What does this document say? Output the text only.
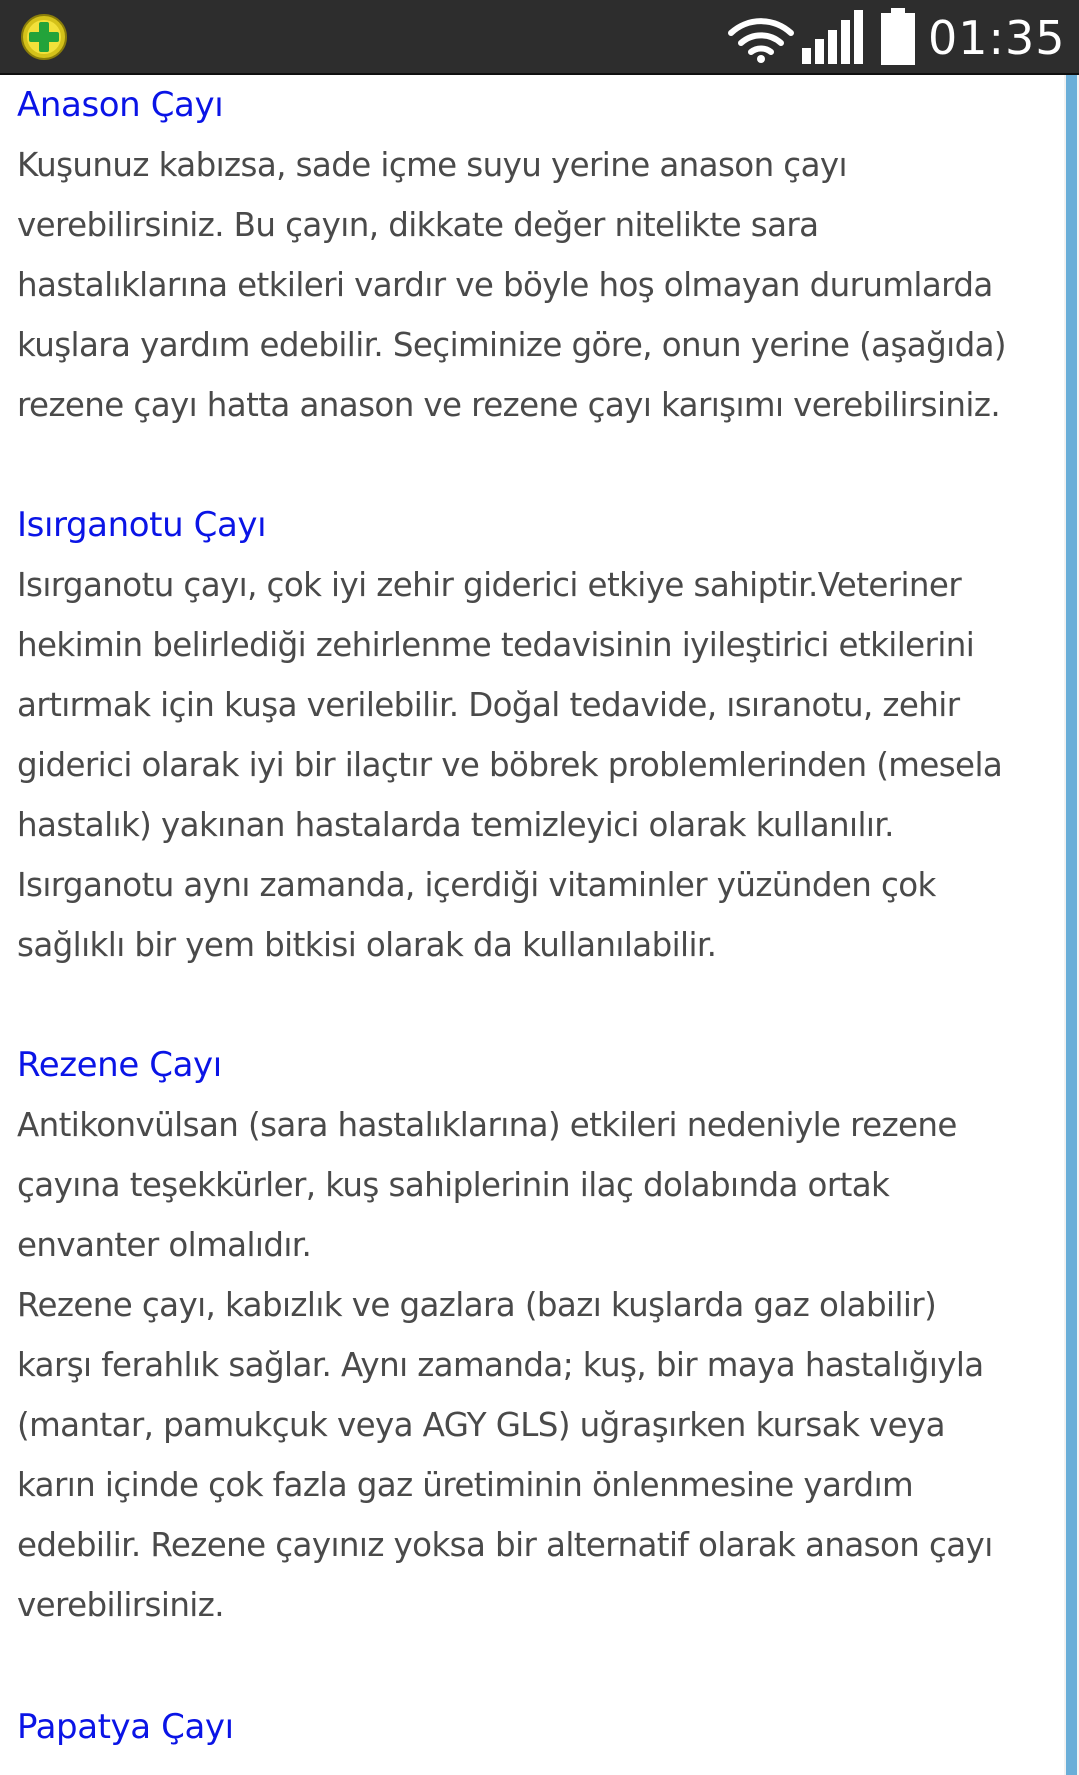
01:35
Anason Çayı

Kuşunuz kabızsa, sade içme suyu yerine anason çayı
verebilirsiniz. Bu çayın, dikkate değer nitelikte sara
hastalıklarına etkileri vardır ve böyle hoş olmayan durumlarda
kuşlara yardım edebilir. Seçiminize göre, onun yerine (aşağıda)
rezene çayı hatta anason ve rezene çayı karışımı verebilirsiniz.

Isırganotu Çayı

Isırganotu çayı, çok iyi zehir giderici etkiye sahiptir.Veteriner
hekimin belirlediği zehirlenme tedavisinin iyileştirici etkilerini
artırmak için kuşa verilebilir. Doğal tedavide, ısıranotu, zehir
giderici olarak iyi bir ilaçtır ve böbrek problemlerinden (mesela
hastalık) yakınan hastalarda temizleyici olarak kullanılır.
Isırganotu aynı zamanda, içerdiği vitaminler yüzünden çok
sağlıklı bir yem bitkisi olarak da kullanılabilir.

Rezene Çayı

Antikonvülsan (sara hastalıklarına) etkileri nedeniyle rezene
çayına teşekkürler, kuş sahiplerinin ilaç dolabında ortak
envanter olmalıdır.
Rezene çayı, kabızlık ve gazlara (bazı kuşlarda gaz olabilir)
karşı ferahlık sağlar. Aynı zamanda; kuş, bir maya hastalığıyla
(mantar, pamukçuk veya AGY GLS) uğraşırken kursak veya
karın içinde çok fazla gaz üretiminin önlenmesine yardım
edebilir. Rezene çayınız yoksa bir alternatif olarak anason çayı
verebilirsiniz.

Papatya Çayı
